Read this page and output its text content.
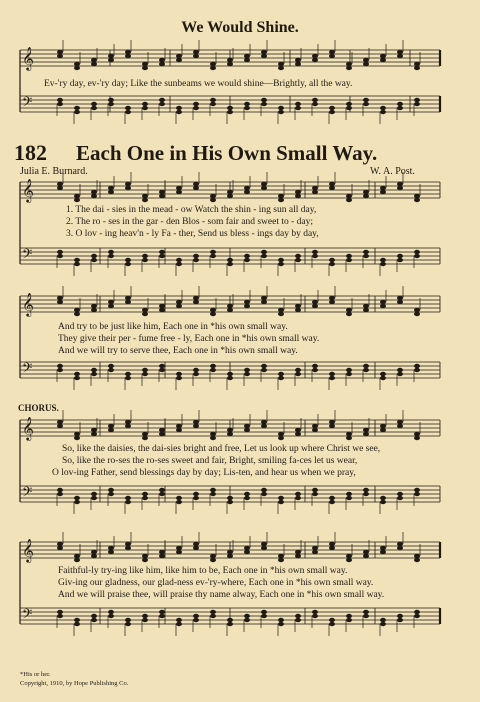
𝄞
𝄢
𝄞
𝄢
𝄞
𝄢
𝄞
𝄢
𝄞
𝄢
We Would Shine.
Ev-'ry day, ev-'ry day; Like the sunbeams we would shine—Brightly, all the way.
182 Each One in His Own Small Way.
Julia E. Burnard.	W. A. Post.
1. The dai - sies in the mead - ow Watch the shin - ing sun all day,
2. The ro - ses in the gar - den Blos - som fair and sweet to - day;
3. O lov - ing heav'n - ly Fa - ther, Send us bless - ings day by day,
And try to be just like him, Each one in *his own small way.
They give their per - fume free - ly, Each one in *his own small way.
And we will try to serve thee, Each one in *his own small way.
CHORUS.
So, like the daisies, the dai-sies bright and free, Let us look up where Christ we see,
So, like the ro-ses the ro-ses sweet and fair, Bright, smiling fa-ces let us wear,
O lov-ing Father, send blessings day by day; Lis-ten, and hear us when we pray,
Faithful-ly try-ing like him, like him to be, Each one in *his own small way.
Giv-ing our gladness, our glad-ness ev-'ry-where, Each one in *his own small way.
And we will praise thee, will praise thy name alway, Each one in *his own small way.
*His or her.
Copyright, 1910, by Hope Publishing Co.
